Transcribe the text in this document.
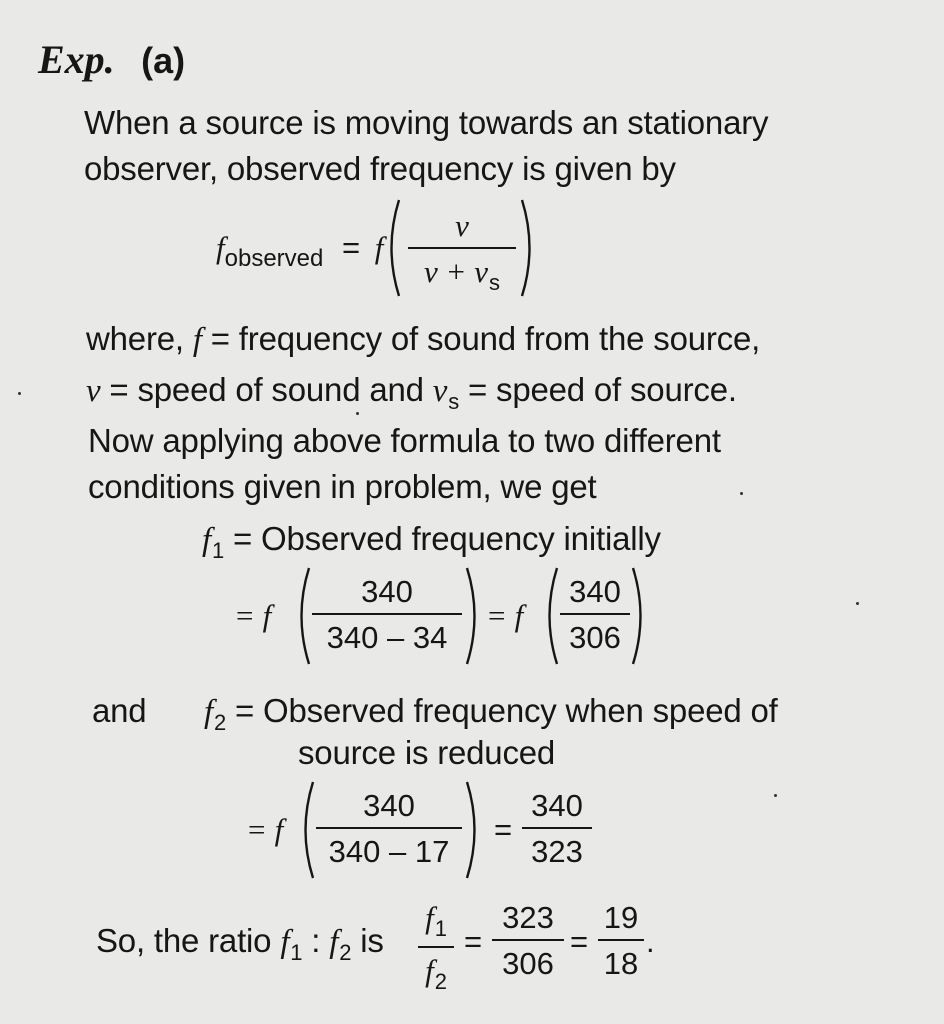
Exp. (a)
When a source is moving towards an stationary
observer, observed frequency is given by
$f_{observed} = f$
v
$v + v_s$
where, f = frequency of sound from the source,
v = speed of sound and $v_s$ = speed of source.
Now applying above formula to two different
conditions given in problem, we get
$f_1$ = Observed frequency initially
= f
340
340 – 34
= f
340
306
and $f_2$ = Observed frequency when speed of
source is reduced
= f
340
340 – 17
=
340
323
So, the ratio $f_1$ : $f_2$ is
$f_1$
$f_2$
=
323
306
=
19
18
.
